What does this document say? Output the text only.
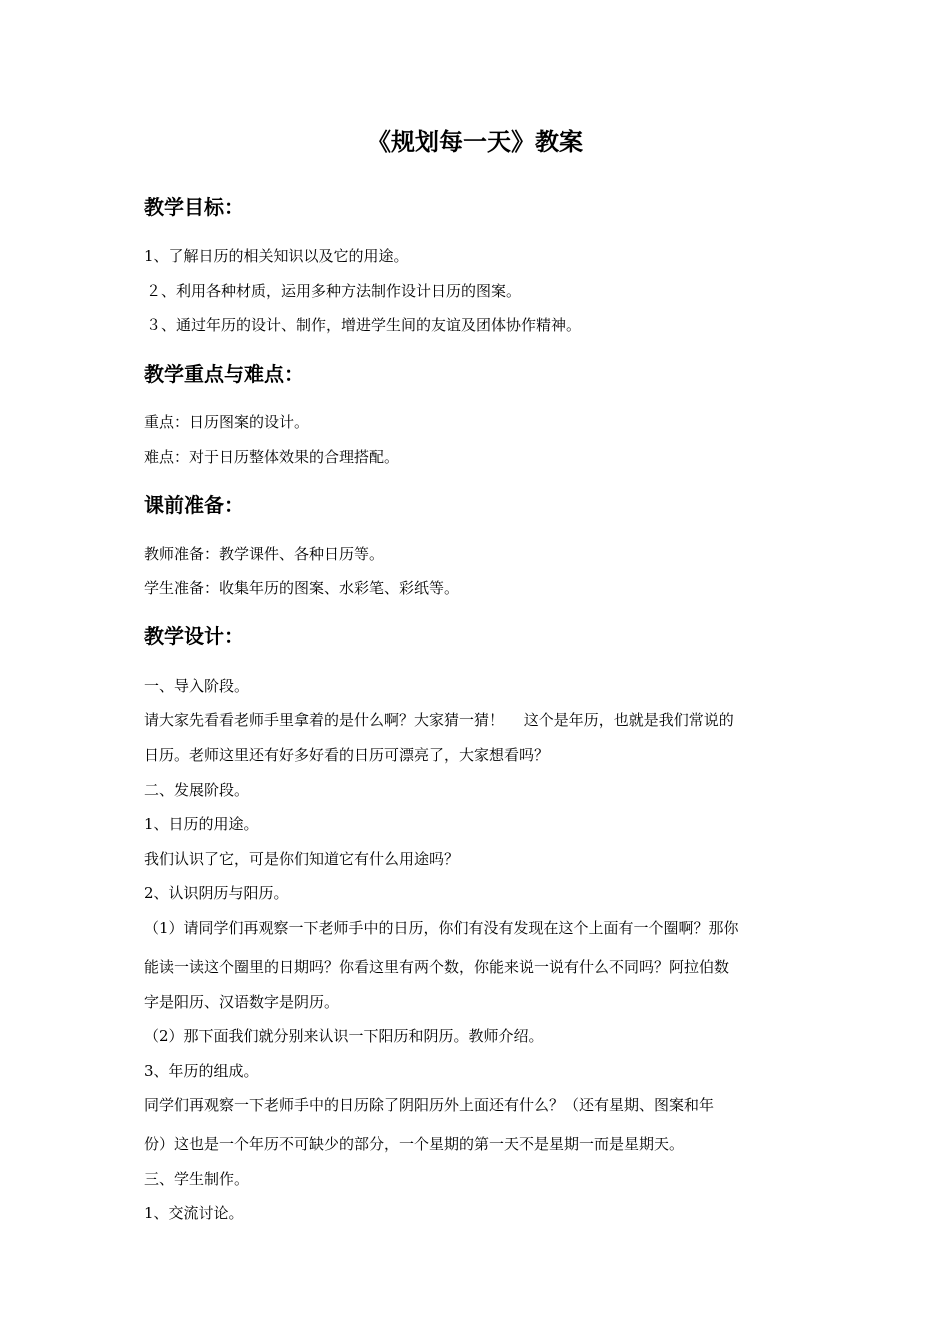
《规划每一天》教案
教学目标：
1、了解日历的相关知识以及它的用途。
２、利用各种材质，运用多种方法制作设计日历的图案。
３、通过年历的设计、制作，增进学生间的友谊及团体协作精神。
教学重点与难点：
重点：日历图案的设计。
难点：对于日历整体效果的合理搭配。
课前准备：
教师准备：教学课件、各种日历等。
学生准备：收集年历的图案、水彩笔、彩纸等。
教学设计：
一、导入阶段。
请大家先看看老师手里拿着的是什么啊？大家猜一猜！　 这个是年历，也就是我们常说的
日历。老师这里还有好多好看的日历可漂亮了，大家想看吗？
二、发展阶段。
1、日历的用途。
我们认识了它，可是你们知道它有什么用途吗？
2、认识阴历与阳历。
（1）请同学们再观察一下老师手中的日历，你们有没有发现在这个上面有一个圈啊？那你
能读一读这个圈里的日期吗？你看这里有两个数，你能来说一说有什么不同吗？阿拉伯数
字是阳历、汉语数字是阴历。
（2）那下面我们就分别来认识一下阳历和阴历。教师介绍。
3、年历的组成。
同学们再观察一下老师手中的日历除了阴阳历外上面还有什么？（还有星期、图案和年
份）这也是一个年历不可缺少的部分，一个星期的第一天不是星期一而是星期天。
三、学生制作。
1、交流讨论。
